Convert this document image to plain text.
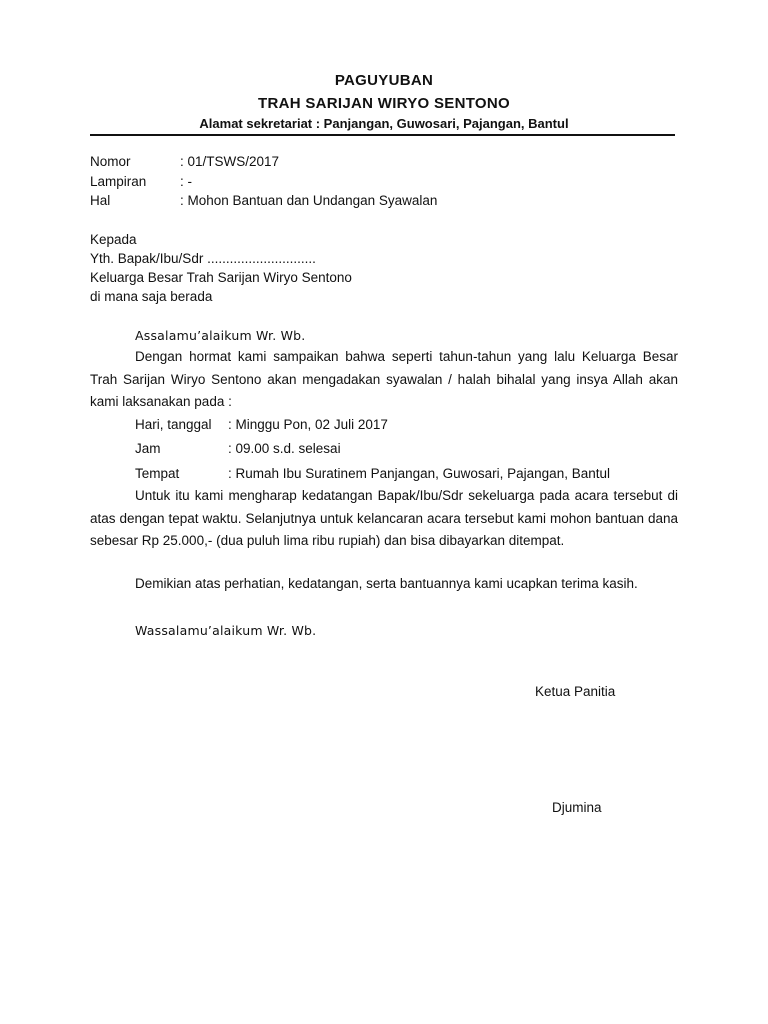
PAGUYUBAN
TRAH SARIJAN WIRYO SENTONO
Alamat sekretariat : Panjangan, Guwosari, Pajangan, Bantul
Nomor	: 01/TSWS/2017
Lampiran : -
Hal	: Mohon Bantuan dan Undangan Syawalan
Kepada
Yth. Bapak/Ibu/Sdr .............................
Keluarga Besar Trah Sarijan Wiryo Sentono
di mana saja berada
Assalamu’alaikum Wr. Wb.
Dengan hormat kami sampaikan bahwa seperti tahun-tahun yang lalu Keluarga Besar Trah Sarijan Wiryo Sentono akan mengadakan syawalan / halah bihalal yang insya Allah akan kami laksanakan pada :
Hari, tanggal : Minggu Pon, 02 Juli 2017
Jam	: 09.00 s.d. selesai
Tempat	: Rumah Ibu Suratinem Panjangan, Guwosari, Pajangan, Bantul
Untuk itu kami mengharap kedatangan Bapak/Ibu/Sdr sekeluarga pada acara tersebut di atas dengan tepat waktu. Selanjutnya untuk kelancaran acara tersebut kami mohon bantuan dana sebesar Rp 25.000,- (dua puluh lima ribu rupiah) dan bisa dibayarkan ditempat.
Demikian atas perhatian, kedatangan, serta bantuannya kami ucapkan terima kasih.
Wassalamu’alaikum Wr. Wb.
Ketua Panitia
Djumina
